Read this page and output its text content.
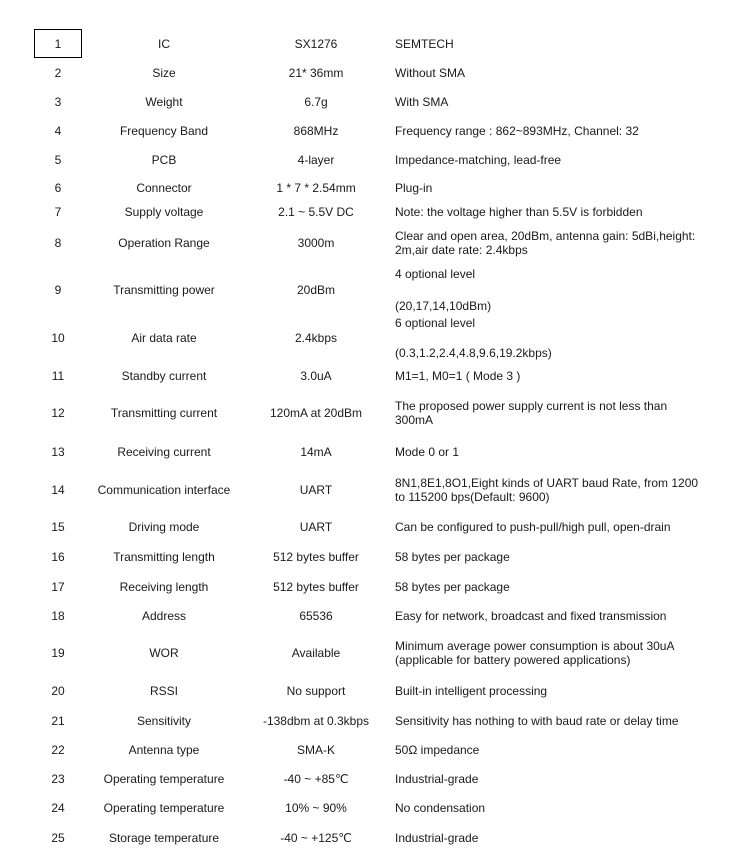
1	IC	SX1276	SEMTECH
2	Size	21* 36mm	Without SMA
3	Weight	6.7g	With SMA
4	Frequency Band	868MHz	Frequency range : 862~893MHz, Channel: 32
5	PCB	4-layer	Impedance-matching, lead-free
6	Connector	1 * 7 * 2.54mm	Plug-in
7	Supply voltage	2.1 ~ 5.5V DC	Note: the voltage higher than 5.5V is forbidden
8	Operation Range	3000m	Clear and open area, 20dBm, antenna gain: 5dBi,height:
2m,air date rate: 2.4kbps
9	Transmitting power	20dBm
4 optional level
(20,17,14,10dBm)
10	Air data rate	2.4kbps
6 optional level
(0.3,1.2,2.4,4.8,9.6,19.2kbps)
11	Standby current	3.0uA	M1=1, M0=1 ( Mode 3 )
12	Transmitting current	120mA at 20dBm	The proposed power supply current is not less than
300mA
13	Receiving current	14mA	Mode 0 or 1
14	Communication interface	UART	8N1,8E1,8O1,Eight kinds of UART baud Rate, from 1200
to 115200 bps(Default: 9600)
15	Driving mode	UART	Can be configured to push-pull/high pull, open-drain
16	Transmitting length	512 bytes buffer	58 bytes per package
17	Receiving length	512 bytes buffer	58 bytes per package
18	Address	65536	Easy for network, broadcast and fixed transmission
19	WOR	Available	Minimum average power consumption is about 30uA
(applicable for battery powered applications)
20	RSSI	No support	Built-in intelligent processing
21	Sensitivity	-138dbm at 0.3kbps	Sensitivity has nothing to with baud rate or delay time
22	Antenna type	SMA-K	50Ω impedance
23	Operating temperature	-40 ~ +85℃	Industrial-grade
24	Operating temperature	10% ~ 90%	No condensation
25	Storage temperature	-40 ~ +125℃	Industrial-grade
